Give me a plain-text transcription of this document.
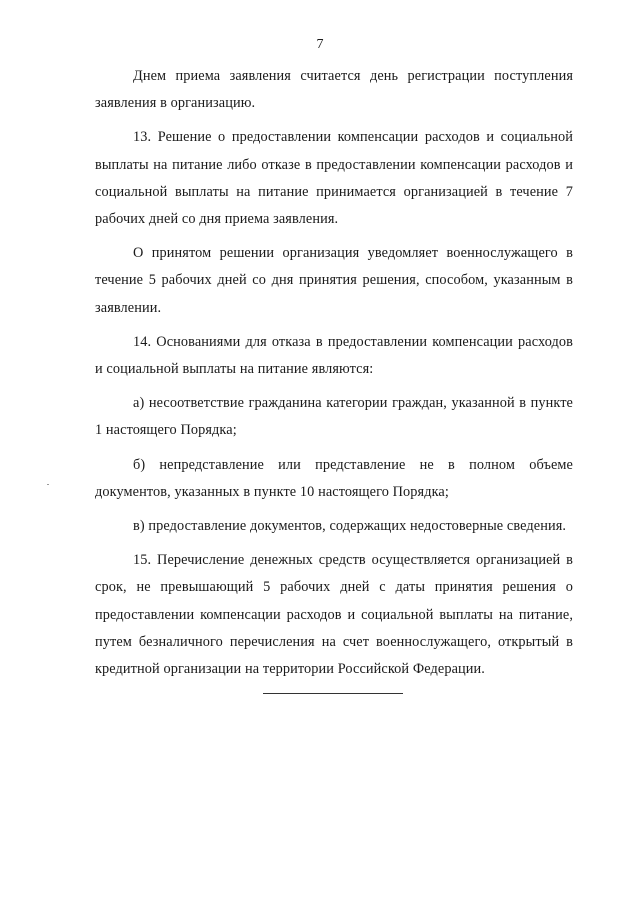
7

Днем приема заявления считается день регистрации поступления заявления в организацию.

13. Решение о предоставлении компенсации расходов и социальной выплаты на питание либо отказе в предоставлении компенсации расходов и социальной выплаты на питание принимается организацией в течение 7 рабочих дней со дня приема заявления.

О принятом решении организация уведомляет военнослужащего в течение 5 рабочих дней со дня принятия решения, способом, указанным в заявлении.

14. Основаниями для отказа в предоставлении компенсации расходов и социальной выплаты на питание являются:

а) несоответствие гражданина категории граждан, указанной в пункте 1 настоящего Порядка;

б) непредставление или представление не в полном объеме документов, указанных в пункте 10 настоящего Порядка;

в) предоставление документов, содержащих недостоверные сведения.

15. Перечисление денежных средств осуществляется организацией в срок, не превышающий 5 рабочих дней с даты принятия решения о предоставлении компенсации расходов и социальной выплаты на питание, путем безналичного перечисления на счет военнослужащего, открытый в кредитной организации на территории Российской Федерации.
